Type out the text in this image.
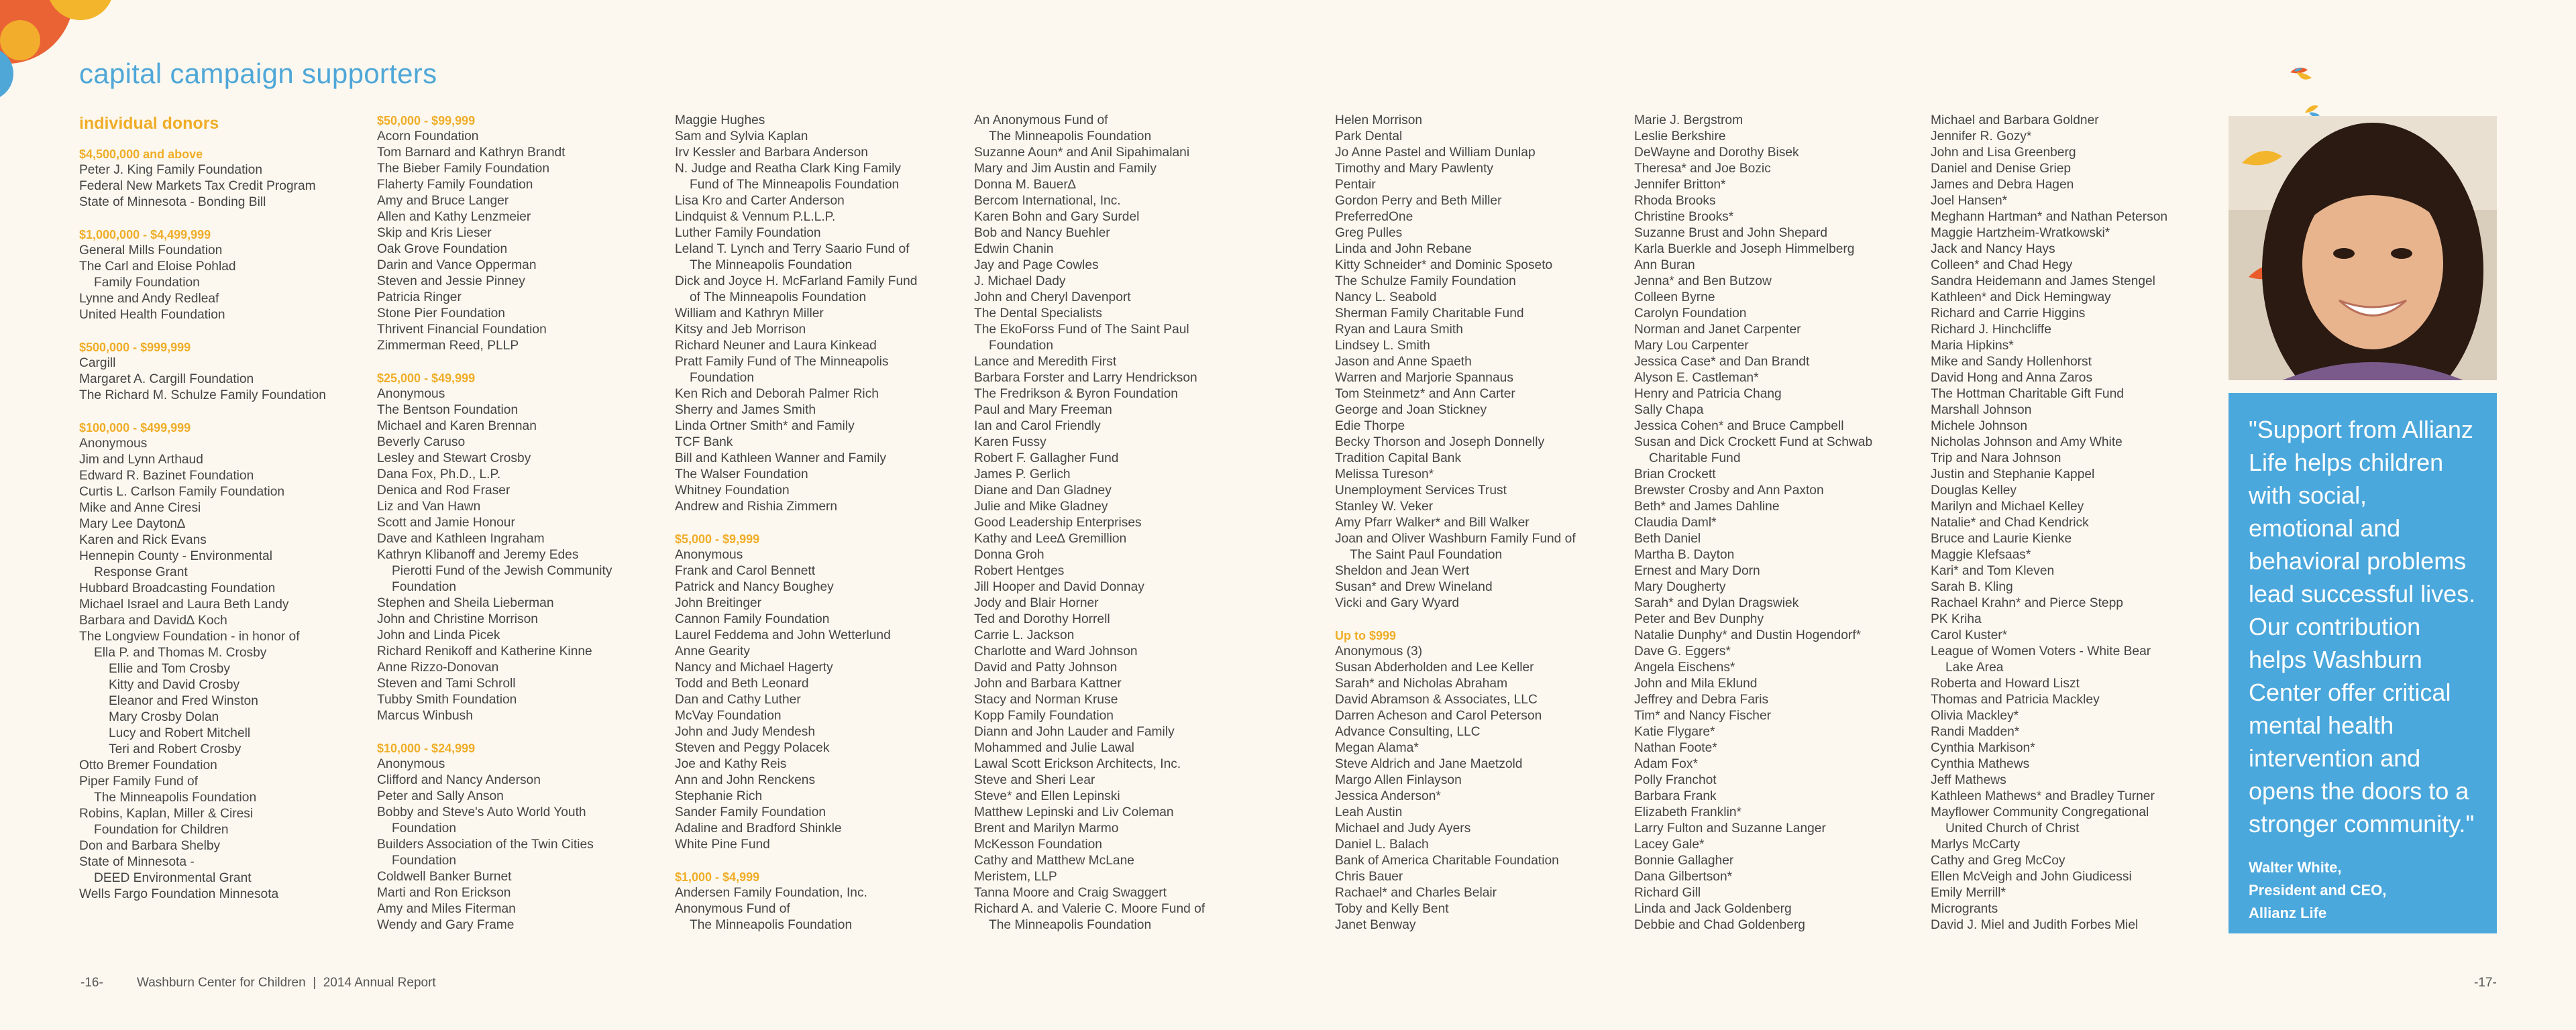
capital campaign supporters
individual donors
$4,500,000 and above
Peter J. King Family Foundation
Federal New Markets Tax Credit Program
State of Minnesota - Bonding Bill
$1,000,000 - $4,499,999
General Mills Foundation
The Carl and Eloise Pohlad
Family Foundation
Lynne and Andy Redleaf
United Health Foundation
$500,000 - $999,999
Cargill
Margaret A. Cargill Foundation
The Richard M. Schulze Family Foundation
$100,000 - $499,999
Anonymous
Jim and Lynn Arthaud
Edward R. Bazinet Foundation
Curtis L. Carlson Family Foundation
Mike and Anne Ciresi
Mary Lee Dayton∆
Karen and Rick Evans
Hennepin County - Environmental
Response Grant
Hubbard Broadcasting Foundation
Michael Israel and Laura Beth Landy
Barbara and David∆ Koch
The Longview Foundation - in honor of
Ella P. and Thomas M. Crosby
Ellie and Tom Crosby
Kitty and David Crosby
Eleanor and Fred Winston
Mary Crosby Dolan
Lucy and Robert Mitchell
Teri and Robert Crosby
Otto Bremer Foundation
Piper Family Fund of
The Minneapolis Foundation
Robins, Kaplan, Miller & Ciresi
Foundation for Children
Don and Barbara Shelby
State of Minnesota -
DEED Environmental Grant
Wells Fargo Foundation Minnesota
$50,000 - $99,999
Acorn Foundation
Tom Barnard and Kathryn Brandt
The Bieber Family Foundation
Flaherty Family Foundation
Amy and Bruce Langer
Allen and Kathy Lenzmeier
Skip and Kris Lieser
Oak Grove Foundation
Darin and Vance Opperman
Steven and Jessie Pinney
Patricia Ringer
Stone Pier Foundation
Thrivent Financial Foundation
Zimmerman Reed, PLLP
$25,000 - $49,999
Anonymous
The Bentson Foundation
Michael and Karen Brennan
Beverly Caruso
Lesley and Stewart Crosby
Dana Fox, Ph.D., L.P.
Denica and Rod Fraser
Liz and Van Hawn
Scott and Jamie Honour
Dave and Kathleen Ingraham
Kathryn Klibanoff and Jeremy Edes
Pierotti Fund of the Jewish Community
Foundation
Stephen and Sheila Lieberman
John and Christine Morrison
John and Linda Picek
Richard Renikoff and Katherine Kinne
Anne Rizzo-Donovan
Steven and Tami Schroll
Tubby Smith Foundation
Marcus Winbush
$10,000 - $24,999
Anonymous
Clifford and Nancy Anderson
Peter and Sally Anson
Bobby and Steve's Auto World Youth
Foundation
Builders Association of the Twin Cities
Foundation
Coldwell Banker Burnet
Marti and Ron Erickson
Amy and Miles Fiterman
Wendy and Gary Frame
Maggie Hughes
Sam and Sylvia Kaplan
Irv Kessler and Barbara Anderson
N. Judge and Reatha Clark King Family
Fund of The Minneapolis Foundation
Lisa Kro and Carter Anderson
Lindquist & Vennum P.L.L.P.
Luther Family Foundation
Leland T. Lynch and Terry Saario Fund of
The Minneapolis Foundation
Dick and Joyce H. McFarland Family Fund
of The Minneapolis Foundation
William and Kathryn Miller
Kitsy and Jeb Morrison
Richard Neuner and Laura Kinkead
Pratt Family Fund of The Minneapolis
Foundation
Ken Rich and Deborah Palmer Rich
Sherry and James Smith
Linda Ortner Smith* and Family
TCF Bank
Bill and Kathleen Wanner and Family
The Walser Foundation
Whitney Foundation
Andrew and Rishia Zimmern
$5,000 - $9,999
Anonymous
Frank and Carol Bennett
Patrick and Nancy Boughey
John Breitinger
Cannon Family Foundation
Laurel Feddema and John Wetterlund
Anne Gearity
Nancy and Michael Hagerty
Todd and Beth Leonard
Dan and Cathy Luther
McVay Foundation
John and Judy Mendesh
Steven and Peggy Polacek
Joe and Kathy Reis
Ann and John Renckens
Stephanie Rich
Sander Family Foundation
Adaline and Bradford Shinkle
White Pine Fund
$1,000 - $4,999
Andersen Family Foundation, Inc.
Anonymous Fund of
The Minneapolis Foundation
An Anonymous Fund of
The Minneapolis Foundation
Suzanne Aoun* and Anil Sipahimalani
Mary and Jim Austin and Family
Donna M. Bauer∆
Bercom International, Inc.
Karen Bohn and Gary Surdel
Bob and Nancy Buehler
Edwin Chanin
Jay and Page Cowles
J. Michael Dady
John and Cheryl Davenport
The Dental Specialists
The EkoForss Fund of The Saint Paul
Foundation
Lance and Meredith First
Barbara Forster and Larry Hendrickson
The Fredrikson & Byron Foundation
Paul and Mary Freeman
Ian and Carol Friendly
Karen Fussy
Robert F. Gallagher Fund
James P. Gerlich
Diane and Dan Gladney
Julie and Mike Gladney
Good Leadership Enterprises
Kathy and Lee∆ Gremillion
Donna Groh
Robert Hentges
Jill Hooper and David Donnay
Jody and Blair Horner
Ted and Dorothy Horrell
Carrie L. Jackson
Charlotte and Ward Johnson
David and Patty Johnson
John and Barbara Kattner
Stacy and Norman Kruse
Kopp Family Foundation
Diann and John Lauder and Family
Mohammed and Julie Lawal
Lawal Scott Erickson Architects, Inc.
Steve and Sheri Lear
Steve* and Ellen Lepinski
Matthew Lepinski and Liv Coleman
Brent and Marilyn Marmo
McKesson Foundation
Cathy and Matthew McLane
Meristem, LLP
Tanna Moore and Craig Swaggert
Richard A. and Valerie C. Moore Fund of
The Minneapolis Foundation
Helen Morrison
Park Dental
Jo Anne Pastel and William Dunlap
Timothy and Mary Pawlenty
Pentair
Gordon Perry and Beth Miller
PreferredOne
Greg Pulles
Linda and John Rebane
Kitty Schneider* and Dominic Sposeto
The Schulze Family Foundation
Nancy L. Seabold
Sherman Family Charitable Fund
Ryan and Laura Smith
Lindsey L. Smith
Jason and Anne Spaeth
Warren and Marjorie Spannaus
Tom Steinmetz* and Ann Carter
George and Joan Stickney
Edie Thorpe
Becky Thorson and Joseph Donnelly
Tradition Capital Bank
Melissa Tureson*
Unemployment Services Trust
Stanley W. Veker
Amy Pfarr Walker* and Bill Walker
Joan and Oliver Washburn Family Fund of
The Saint Paul Foundation
Sheldon and Jean Wert
Susan* and Drew Wineland
Vicki and Gary Wyard
Up to $999
Anonymous (3)
Susan Abderholden and Lee Keller
Sarah* and Nicholas Abraham
David Abramson & Associates, LLC
Darren Acheson and Carol Peterson
Advance Consulting, LLC
Megan Alama*
Steve Aldrich and Jane Maetzold
Margo Allen Finlayson
Jessica Anderson*
Leah Austin
Michael and Judy Ayers
Daniel L. Balach
Bank of America Charitable Foundation
Chris Bauer
Rachael* and Charles Belair
Toby and Kelly Bent
Janet Benway
Marie J. Bergstrom
Leslie Berkshire
DeWayne and Dorothy Bisek
Theresa* and Joe Bozic
Jennifer Britton*
Rhoda Brooks
Christine Brooks*
Suzanne Brust and John Shepard
Karla Buerkle and Joseph Himmelberg
Ann Buran
Jenna* and Ben Butzow
Colleen Byrne
Carolyn Foundation
Norman and Janet Carpenter
Mary Lou Carpenter
Jessica Case* and Dan Brandt
Alyson E. Castleman*
Henry and Patricia Chang
Sally Chapa
Jessica Cohen* and Bruce Campbell
Susan and Dick Crockett Fund at Schwab
Charitable Fund
Brian Crockett
Brewster Crosby and Ann Paxton
Beth* and James Dahline
Claudia Daml*
Beth Daniel
Martha B. Dayton
Ernest and Mary Dorn
Mary Dougherty
Sarah* and Dylan Dragswiek
Peter and Bev Dunphy
Natalie Dunphy* and Dustin Hogendorf*
Dave G. Eggers*
Angela Eischens*
John and Mila Eklund
Jeffrey and Debra Faris
Tim* and Nancy Fischer
Katie Flygare*
Nathan Foote*
Adam Fox*
Polly Franchot
Barbara Frank
Elizabeth Franklin*
Larry Fulton and Suzanne Langer
Lacey Gale*
Bonnie Gallagher
Dana Gilbertson*
Richard Gill
Linda and Jack Goldenberg
Debbie and Chad Goldenberg
Michael and Barbara Goldner
Jennifer R. Gozy*
John and Lisa Greenberg
Daniel and Denise Griep
James and Debra Hagen
Joel Hansen*
Meghann Hartman* and Nathan Peterson
Maggie Hartzheim-Wratkowski*
Jack and Nancy Hays
Colleen* and Chad Hegy
Sandra Heidemann and James Stengel
Kathleen* and Dick Hemingway
Richard and Carrie Higgins
Richard J. Hinchcliffe
Maria Hipkins*
Mike and Sandy Hollenhorst
David Hong and Anna Zaros
The Hottman Charitable Gift Fund
Marshall Johnson
Michele Johnson
Nicholas Johnson and Amy White
Trip and Nara Johnson
Justin and Stephanie Kappel
Douglas Kelley
Marilyn and Michael Kelley
Natalie* and Chad Kendrick
Bruce and Laurie Kienke
Maggie Klefsaas*
Kari* and Tom Kleven
Sarah B. Kling
Rachael Krahn* and Pierce Stepp
PK Kriha
Carol Kuster*
League of Women Voters - White Bear
Lake Area
Roberta and Howard Liszt
Thomas and Patricia Mackley
Olivia Mackley*
Randi Madden*
Cynthia Markison*
Cynthia Mathews
Jeff Mathews
Kathleen Mathews* and Bradley Turner
Mayflower Community Congregational
United Church of Christ
Marlys McCarty
Cathy and Greg McCoy
Ellen McVeigh and John Giudicessi
Emily Merrill*
Microgrants
David J. Miel and Judith Forbes Miel

"Support from Allianz Life helps children with social, emotional and behavioral problems lead successful lives. Our contribution helps Washburn Center offer critical mental health intervention and opens the doors to a stronger community."

Walter White,
President and CEO,
Allianz Life
-16-	Washburn Center for Children  |  2014 Annual Report	-17-
